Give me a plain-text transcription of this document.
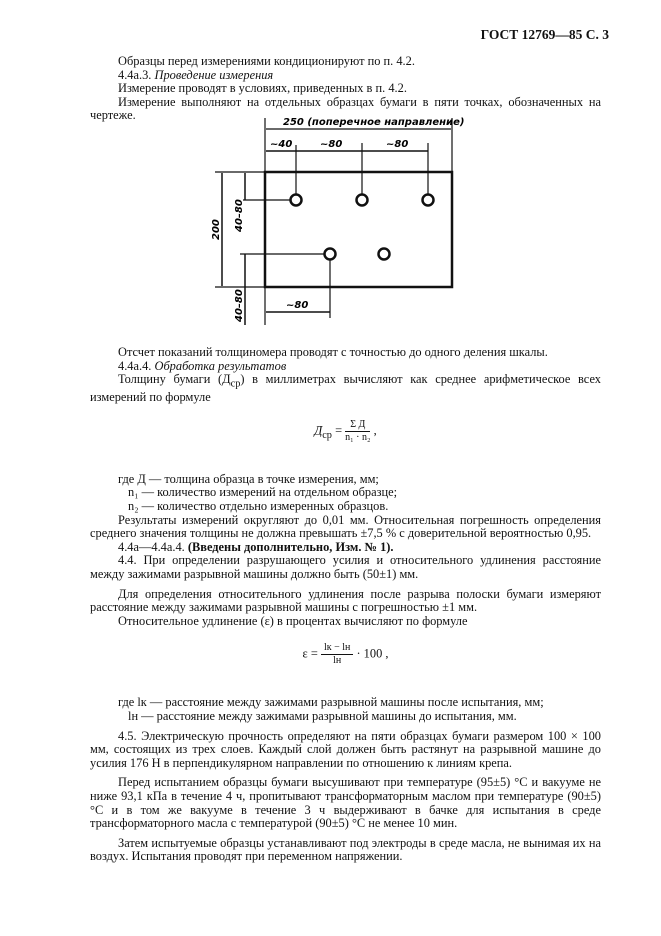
ГОСТ 12769—85 С. 3

Образцы перед измерениями кондиционируют по п. 4.2.

4.4а.3. Проведение измерения

Измерение проводят в условиях, приведенных в п. 4.2.

Измерение выполняют на отдельных образцах бумаги в пяти точках, обозначенных на чертеже.

250 (поперечное направление)
~40	~80	~80
~80
200 40–80
40–80

Отсчет показаний толщиномера проводят с точностью до одного деления шкалы.

4.4а.4. Обработка результатов

Толщину бумаги $(Д_{ср})$ в миллиметрах вычисляют как среднее арифметическое всех измерений по формуле

$Д_{ср} = \frac{\text{Σ Д}}{\text{n₁ · n₂}}$ ,

где Д — толщина образца в точке измерения, мм;

n₁ — количество измерений на отдельном образце;

n₂ — количество отдельно измеренных образцов.

Результаты измерений округляют до 0,01 мм. Относительная погрешность определения среднего значения толщины не должна превышать ±7,5 % с доверительной вероятностью 0,95.

4.4а—4.4а.4. (Введены дополнительно, Изм. № 1).

4.4. При определении разрушающего усилия и относительного удлинения расстояние между зажимами разрывной машины должно быть (50±1) мм.

Для определения относительного удлинения после разрыва полоски бумаги измеряют расстояние между зажимами разрывной машины с погрешностью ±1 мм.

Относительное удлинение (ε) в процентах вычисляют по формуле

$\varepsilon = \frac{lк - lн}{lн} \cdot 100$ ,

где lк — расстояние между зажимами разрывной машины после испытания, мм;

lн — расстояние между зажимами разрывной машины до испытания, мм.

4.5. Электрическую прочность определяют на пяти образцах бумаги размером 100 × 100 мм, состоящих из трех слоев. Каждый слой должен быть растянут на разрывной машине до усилия 176 Н в перпендикулярном направлении по отношению к линиям крепа.

Перед испытанием образцы бумаги высушивают при температуре (95±5) °С и вакууме не ниже 93,1 кПа в течение 4 ч, пропитывают трансформаторным маслом при температуре (90±5) °С и в том же вакууме в течение 3 ч выдерживают в бачке для испытания в среде трансформаторного масла с температурой (90±5) °С не менее 10 мин.

Затем испытуемые образцы устанавливают под электроды в среде масла, не вынимая их на воздух. Испытания проводят при переменном напряжении.
